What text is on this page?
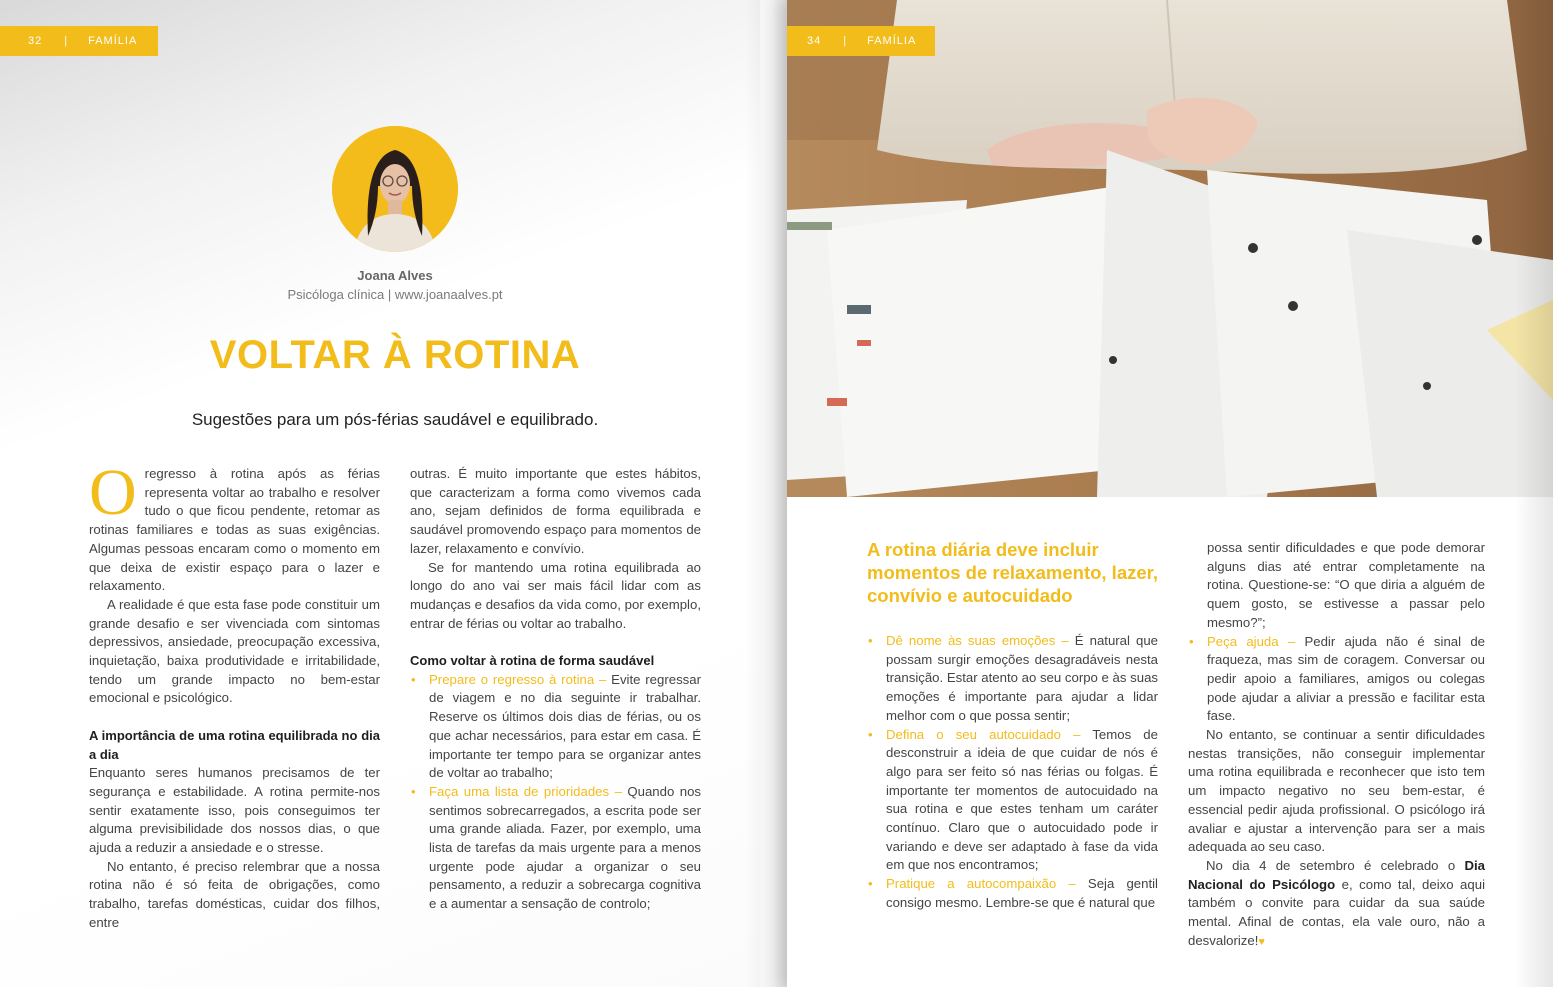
32 | FAMÍLIA
Joana Alves
Psicóloga clínica | www.joanaalves.pt
VOLTAR À ROTINA
Sugestões para um pós-férias saudável e equilibrado.

Oregresso à rotina após as férias representa voltar ao trabalho e resolver tudo o que ficou pendente, retomar as rotinas familiares e todas as suas exigências. Algumas pessoas encaram como o momento em que deixa de existir espaço para o lazer e relaxamento.

A realidade é que esta fase pode constituir um grande desafio e ser vivenciada com sintomas depressivos, ansiedade, preocupação excessiva, inquietação, baixa produtividade e irritabilidade, tendo um grande impacto no bem-estar emocional e psicológico.

A importância de uma rotina equilibrada no dia a dia

Enquanto seres humanos precisamos de ter segurança e estabilidade. A rotina permite-nos sentir exatamente isso, pois conseguimos ter alguma previsibilidade dos nossos dias, o que ajuda a reduzir a ansiedade e o stresse.

No entanto, é preciso relembrar que a nossa rotina não é só feita de obrigações, como trabalho, tarefas domésticas, cuidar dos filhos, entre

outras. É muito importante que estes hábitos, que caracterizam a forma como vivemos cada ano, sejam definidos de forma equilibrada e saudável promovendo espaço para momentos de lazer, relaxamento e convívio.

Se for mantendo uma rotina equilibrada ao longo do ano vai ser mais fácil lidar com as mudanças e desafios da vida como, por exemplo, entrar de férias ou voltar ao trabalho.

Como voltar à rotina de forma saudável
• Prepare o regresso à rotina – Evite regressar de viagem e no dia seguinte ir trabalhar. Reserve os últimos dois dias de férias, ou os que achar necessários, para estar em casa. É importante ter tempo para se organizar antes de voltar ao trabalho;
• Faça uma lista de prioridades – Quando nos sentimos sobrecarregados, a escrita pode ser uma grande aliada. Fazer, por exemplo, uma lista de tarefas da mais urgente para a menos urgente pode ajudar a organizar o seu pensamento, a reduzir a sobrecarga cognitiva e a aumentar a sensação de controlo;
34 | FAMÍLIA
A rotina diária deve incluir momentos de relaxamento, lazer, convívio e autocuidado
• Dê nome às suas emoções – É natural que possam surgir emoções desagradáveis nesta transição. Estar atento ao seu corpo e às suas emoções é importante para ajudar a lidar melhor com o que possa sentir;
• Defina o seu autocuidado – Temos de desconstruir a ideia de que cuidar de nós é algo para ser feito só nas férias ou folgas. É importante ter momentos de autocuidado na sua rotina e que estes tenham um caráter contínuo. Claro que o autocuidado pode ir variando e deve ser adaptado à fase da vida em que nos encontramos;
• Pratique a autocompaixão – Seja gentil consigo mesmo. Lembre-se que é natural que

possa sentir dificuldades e que pode demorar alguns dias até entrar completamente na rotina. Questione-se: “O que diria a alguém de quem gosto, se estivesse a passar pelo mesmo?”;

• Peça ajuda – Pedir ajuda não é sinal de fraqueza, mas sim de coragem. Conversar ou pedir apoio a familiares, amigos ou colegas pode ajudar a aliviar a pressão e facilitar esta fase.

No entanto, se continuar a sentir dificuldades nestas transições, não conseguir implementar uma rotina equilibrada e reconhecer que isto tem um impacto negativo no seu bem-estar, é essencial pedir ajuda profissional. O psicólogo irá avaliar e ajustar a intervenção para ser a mais adequada ao seu caso.

No dia 4 de setembro é celebrado o Dia Nacional do Psicólogo e, como tal, deixo aqui também o convite para cuidar da sua saúde mental. Afinal de contas, ela vale ouro, não a desvalorize!♥
